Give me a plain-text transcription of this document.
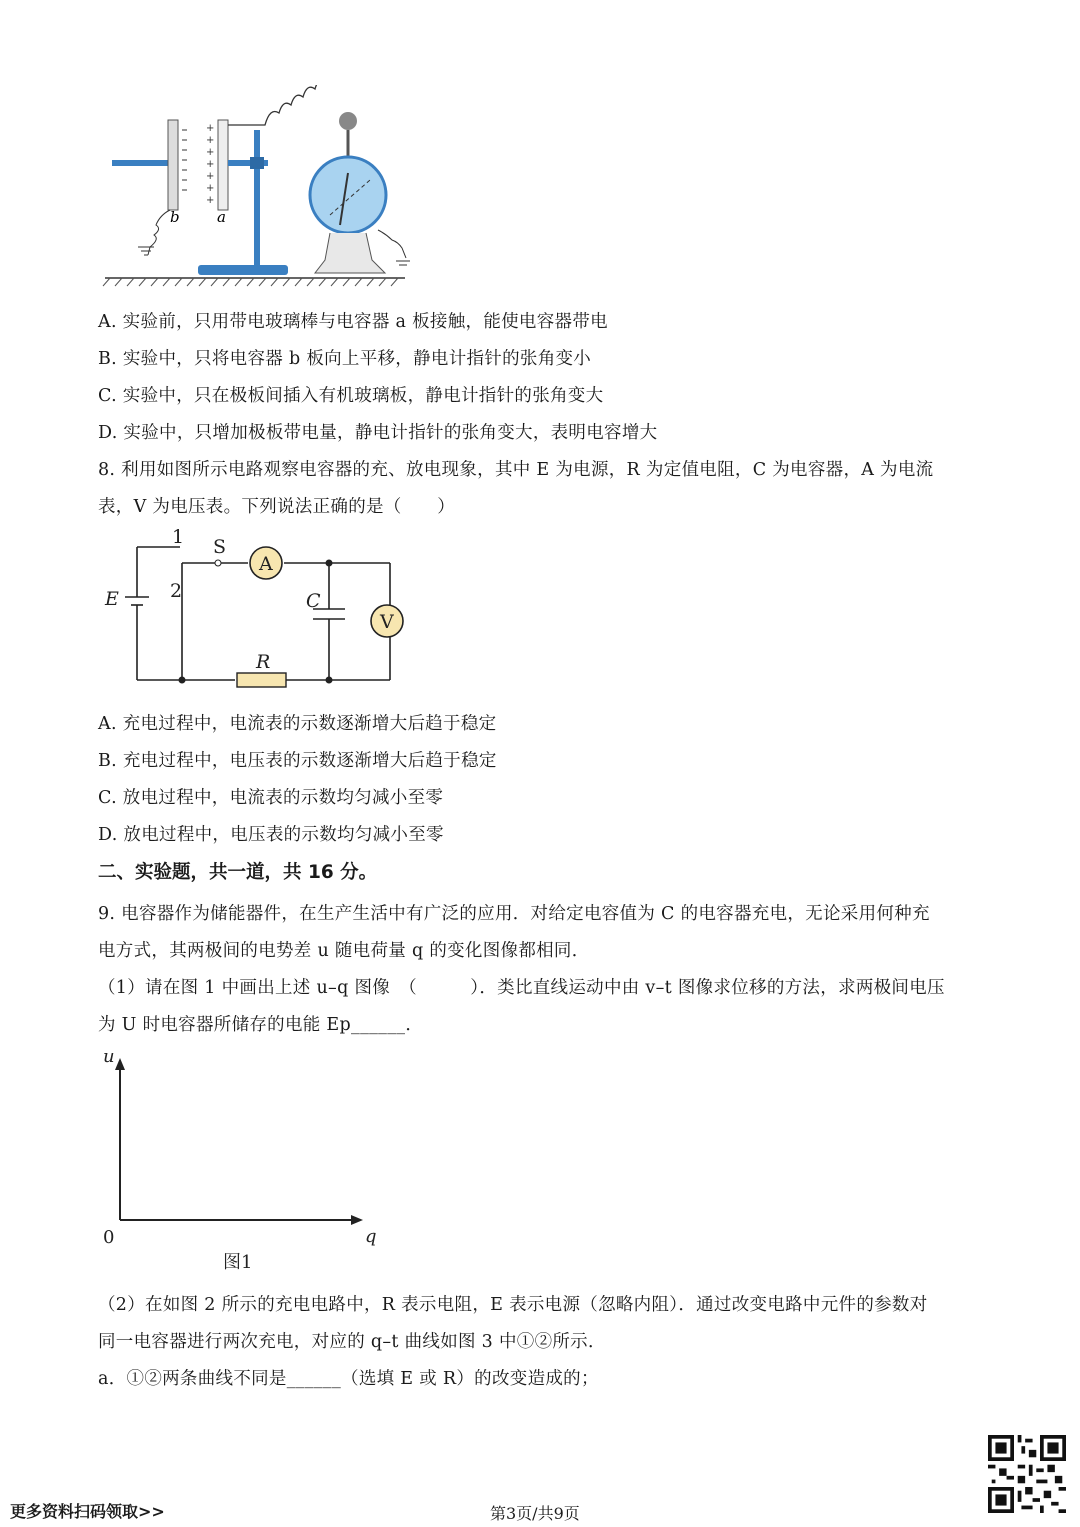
b
+
+
+
+
+
+
+
a
A. 实验前，只用带电玻璃棒与电容器 a 板接触，能使电容器带电
B. 实验中，只将电容器 b 板向上平移，静电计指针的张角变小
C. 实验中，只在极板间插入有机玻璃板，静电计指针的张角变大
D. 实验中，只增加极板带电量，静电计指针的张角变大，表明电容增大
8. 利用如图所示电路观察电容器的充、放电现象，其中 E 为电源，R 为定值电阻，C 为电容器，A 为电流
表，V 为电压表。下列说法正确的是（　　）
1
2
S
A
E	C
V
R
A. 充电过程中，电流表的示数逐渐增大后趋于稳定
B. 充电过程中，电压表的示数逐渐增大后趋于稳定
C. 放电过程中，电流表的示数均匀减小至零
D. 放电过程中，电压表的示数均匀减小至零
二、实验题，共一道，共 16 分。
9. 电容器作为储能器件，在生产生活中有广泛的应用．对给定电容值为 C 的电容器充电，无论采用何种充
电方式，其两极间的电势差 u 随电荷量 q 的变化图像都相同．
（1）请在图 1 中画出上述 u–q 图像　（　　　）．类比直线运动中由 v–t 图像求位移的方法，求两极间电压
为 U 时电容器所储存的电能 Ep______．
u
q
0
图1
（2）在如图 2 所示的充电电路中，R 表示电阻，E 表示电源（忽略内阻）．通过改变电路中元件的参数对
同一电容器进行两次充电，对应的 q–t 曲线如图 3 中①②所示．
a．①②两条曲线不同是______（选填 E 或 R）的改变造成的；
更多资料扫码领取>>	第3页/共9页
